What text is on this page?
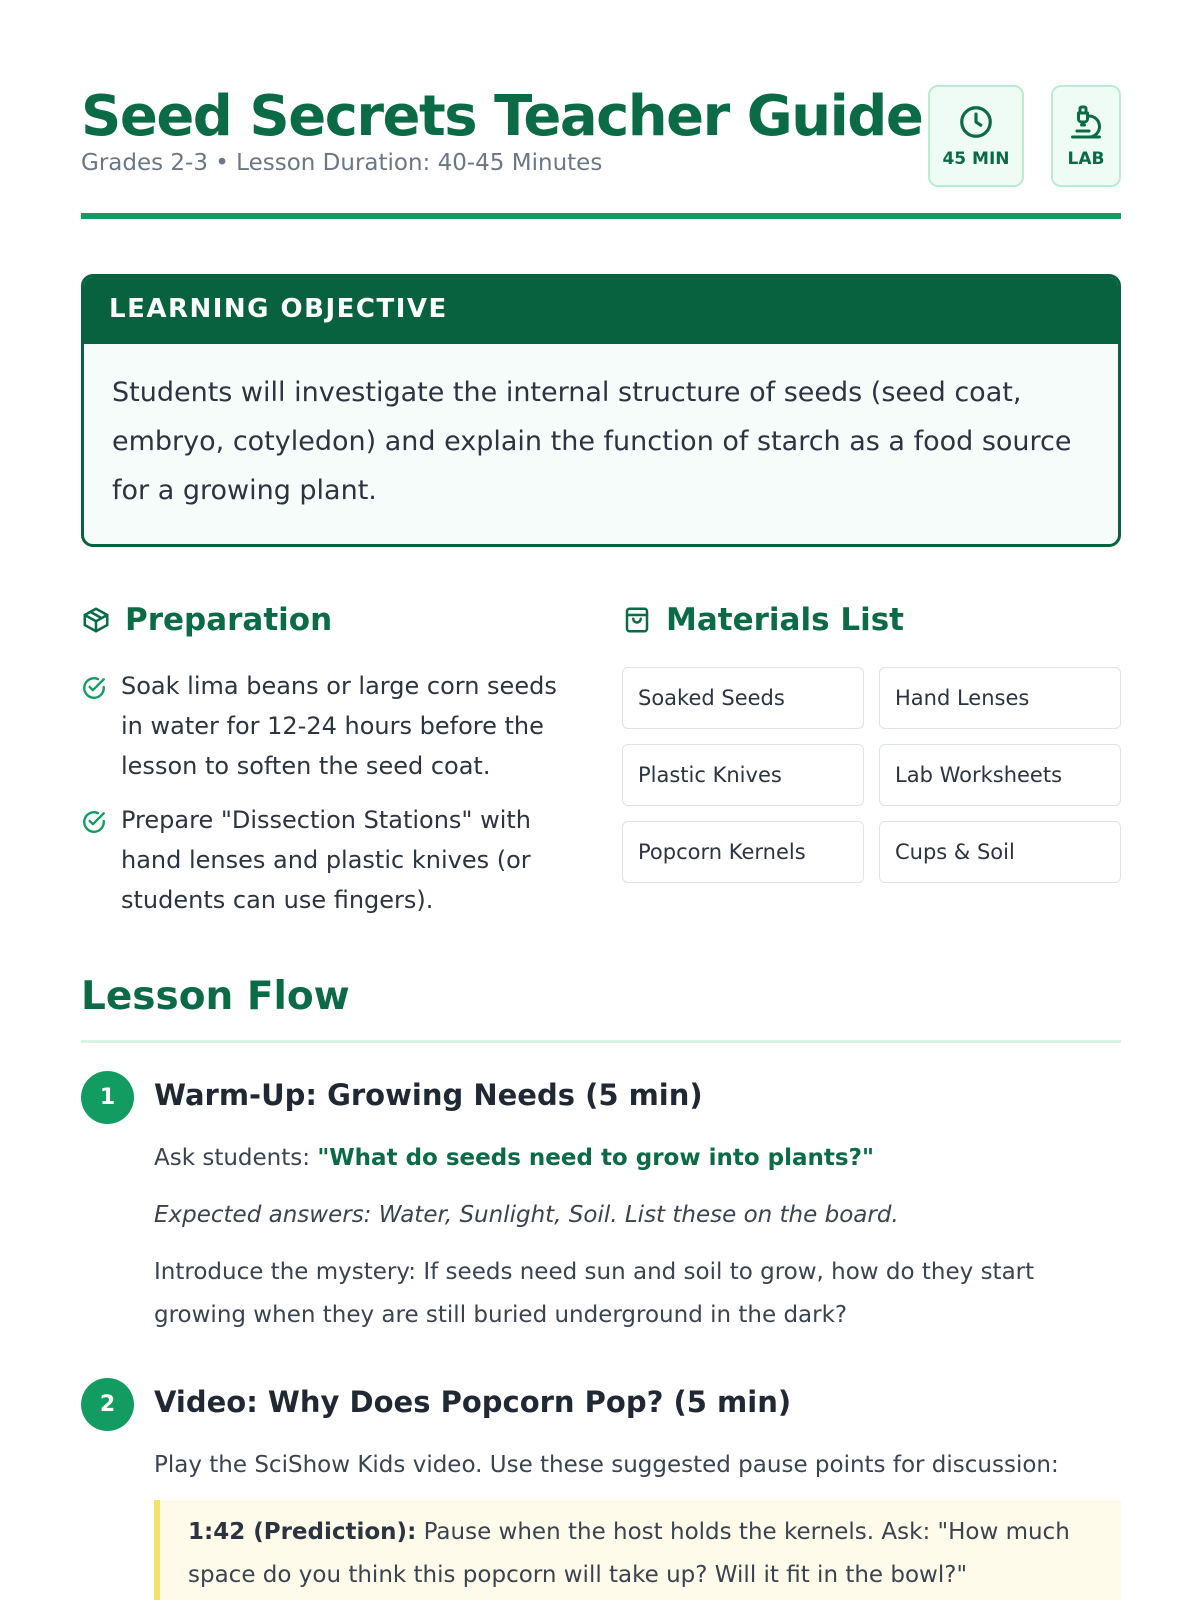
Seed Secrets Teacher Guide
Grades 2-3 • Lesson Duration: 40-45 Minutes	45 MIN	LAB
LEARNING OBJECTIVE
Students will investigate the internal structure of seeds (seed coat, embryo, cotyledon) and explain the function of starch as a food source for a growing plant.
Preparation
Soak lima beans or large corn seeds in water for 12-24 hours before the lesson to soften the seed coat.
Prepare "Dissection Stations" with hand lenses and plastic knives (or students can use fingers).
Materials List
Soaked Seeds	Hand Lenses
Plastic Knives	Lab Worksheets
Popcorn Kernels	Cups & Soil
Lesson Flow
1	Warm-Up: Growing Needs (5 min)
Ask students: "What do seeds need to grow into plants?"
Expected answers: Water, Sunlight, Soil. List these on the board.
Introduce the mystery: If seeds need sun and soil to grow, how do they start growing when they are still buried underground in the dark?
2	Video: Why Does Popcorn Pop? (5 min)
Play the SciShow Kids video. Use these suggested pause points for discussion:
1:42 (Prediction): Pause when the host holds the kernels. Ask: "How much space do you think this popcorn will take up? Will it fit in the bowl?"
